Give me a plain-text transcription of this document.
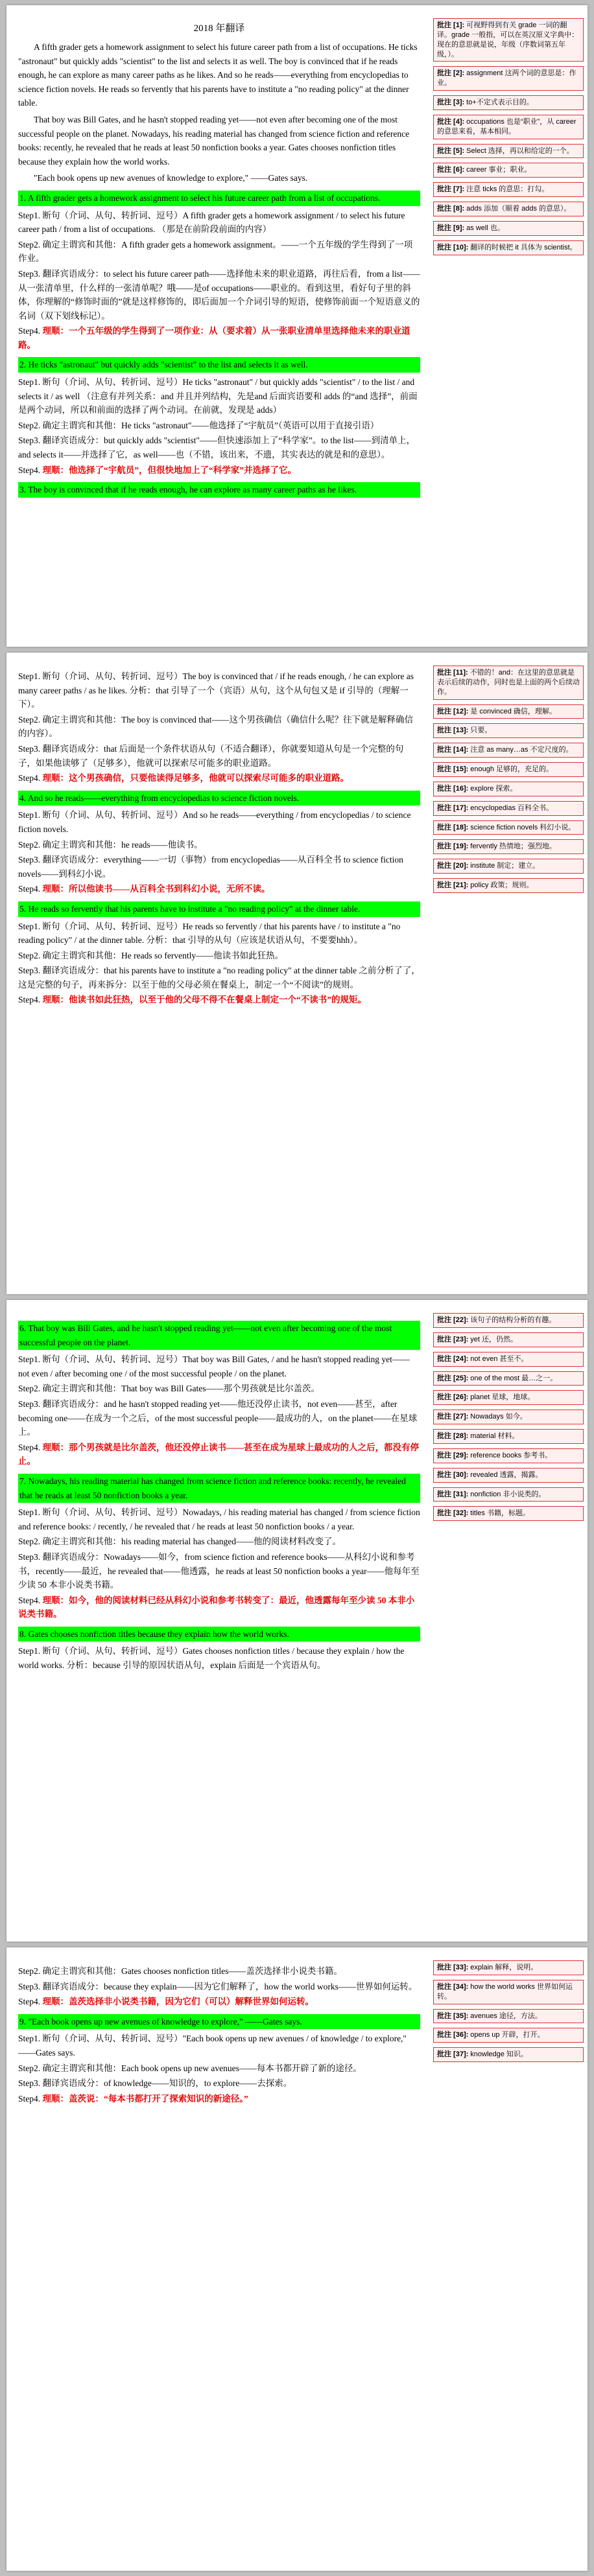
2018 年翻译

A fifth grader gets a homework assignment to select his future career path from a list of occupations. He ticks "astronaut" but quickly adds "scientist" to the list and selects it as well. The boy is convinced that if he reads enough, he can explore as many career paths as he likes. And so he reads——everything from encyclopedias to science fiction novels. He reads so fervently that his parents have to institute a "no reading policy" at the dinner table.

That boy was Bill Gates, and he hasn't stopped reading yet——not even after becoming one of the most successful people on the planet. Nowadays, his reading material has changed from science fiction and reference books: recently, he revealed that he reads at least 50 nonfiction books a year. Gates chooses nonfiction titles because they explain how the world works.

"Each book opens up new avenues of knowledge to explore," ——Gates says.

1. A fifth grader gets a homework assignment to select his future career path from a list of occupations.
Step1. 断句（介词、从句、转折词、逗号）A fifth grader gets a homework assignment / to select his future career path / from a list of occupations. （那是在前阶段前面的内容）
Step2. 确定主谓宾和其他：A fifth grader gets a homework assignment。——一个五年级的学生得到了一项作业。
Step3. 翻译宾语成分：to select his future career path——选择他未来的职业道路，再往后看，from a list——从一张清单里，什么样的一张清单呢？哦——是of occupations——职业的。看到这里，看好句子里的斜体，你理解的“修饰时面的”就是这样修饰的，即后面加一个介词引导的短语，使修饰前面一个短语意义的名词（双下划线标记）。
Step4. 理顺：一个五年级的学生得到了一项作业：从（要求着）从一张职业清单里选择他未来的职业道路。
2. He ticks "astronaut" but quickly adds "scientist" to the list and selects it as well.
Step1. 断句（介词、从句、转折词、逗号）He ticks "astronaut" / but quickly adds "scientist" / to the list / and selects it / as well （注意有并列关系：and 并且并列结构，先是and 后面宾语要和 adds 的“and 选择”，前面是两个动词，所以和前面的选择了两个动词。在前就，发现是 adds）
Step2. 确定主谓宾和其他：He ticks "astronaut"——他选择了“宇航员”（英语可以用于直接引语）
Step3. 翻译宾语成分：but quickly adds "scientist"——但快速添加上了“科学家”。to the list——到清单上，and selects it——并选择了它，as well——也（不错，该出来，不遗，其实表达的就是和的意思）。
Step4. 理顺：他选择了“宇航员”，但很快地加上了“科学家”并选择了它。
3. The boy is convinced that if he reads enough, he can explore as many career paths as he likes.
批注 [1]: 可视野得到有关 grade 一词的翻译。grade 一般指，可以在英汉原义字典中：现在的意思就是说，年级（序数词第五年级，）。
批注 [2]: assignment 这两个词的意思是：作业。
批注 [3]: to+不定式表示目的。
批注 [4]: occupations 也是“职业”，从 career 的意思来看，基本相同。
批注 [5]: Select 选择，再以和给定的一个。
批注 [6]: career 事业；职业。
批注 [7]: 注意 ticks 的意思：打勾。
批注 [8]: adds 添加（顺着 adds 的意思）。
批注 [9]: as well 也。
批注 [10]: 翻译的时候把 it 具体为 scientist。
Step1. 断句（介词、从句、转折词、逗号）The boy is convinced that / if he reads enough, / he can explore as many career paths / as he likes. 分析：that 引导了一个（宾语）从句，这个从句包又是 if 引导的（理解一下）。
Step2. 确定主谓宾和其他：The boy is convinced that——这个男孩确信（确信什么呢？往下就是解释确信的内容）。
Step3. 翻译宾语成分：that 后面是一个条件状语从句（不适合翻译），你就要知道从句是一个完整的句子，如果他读够了（足够多），他就可以探索尽可能多的职业道路。
Step4. 理顺：这个男孩确信，只要他读得足够多，他就可以探索尽可能多的职业道路。
4. And so he reads——everything from encyclopedias to science fiction novels.
Step1. 断句（介词、从句、转折词、逗号）And so he reads——everything / from encyclopedias / to science fiction novels.
Step2. 确定主谓宾和其他：he reads——他读书。
Step3. 翻译宾语成分：everything——一切（事物）from encyclopedias——从百科全书 to science fiction novels——到科幻小说。
Step4. 理顺：所以他读书——从百科全书到科幻小说，无所不读。
5. He reads so fervently that his parents have to institute a "no reading policy" at the dinner table.
Step1. 断句（介词、从句、转折词、逗号）He reads so fervently / that his parents have / to institute a "no reading policy" / at the dinner table. 分析：that 引导的从句（应该是状语从句，不要要hhh）。
Step2. 确定主谓宾和其他：He reads so fervently——他读书如此狂热。
Step3. 翻译宾语成分：that his parents have to institute a "no reading policy" at the dinner table 之前分析了了，这是完整的句子，再来拆分：以至于他的父母必须在餐桌上，制定一个“不阅读”的规则。
Step4. 理顺：他读书如此狂热，以至于他的父母不得不在餐桌上制定一个“不读书”的规矩。
批注 [11]: 不错的！and：在这里的意思就是表示后续的动作，同时也是上面的两个后续动作。
批注 [12]: 是 convinced 确信，理解。
批注 [13]: 只要。
批注 [14]: 注意 as many…as 不定尺度的。
批注 [15]: enough 足够的，充足的。
批注 [16]: explore 探索。
批注 [17]: encyclopedias 百科全书。
批注 [18]: science fiction novels 科幻小说。
批注 [19]: fervently 热情地；强烈地。
批注 [20]: institute 制定；建立。
批注 [21]: policy 政策；规则。
6. That boy was Bill Gates, and he hasn't stopped reading yet——not even after becoming one of the most successful people on the planet.
Step1. 断句（介词、从句、转折词、逗号）That boy was Bill Gates, / and he hasn't stopped reading yet——not even / after becoming one / of the most successful people / on the planet.
Step2. 确定主谓宾和其他：That boy was Bill Gates——那个男孩就是比尔盖茨。
Step3. 翻译宾语成分：and he hasn't stopped reading yet——他还没停止读书，not even——甚至，after becoming one——在成为一个之后，of the most successful people——最成功的人，on the planet——在星球上。
Step4. 理顺：那个男孩就是比尔盖茨，他还没停止读书——甚至在成为星球上最成功的人之后，都没有停止。
7. Nowadays, his reading material has changed from science fiction and reference books: recently, he revealed that he reads at least 50 nonfiction books a year.
Step1. 断句（介词、从句、转折词、逗号）Nowadays, / his reading material has changed / from science fiction and reference books: / recently, / he revealed that / he reads at least 50 nonfiction books / a year.
Step2. 确定主谓宾和其他：his reading material has changed——他的阅读材料改变了。
Step3. 翻译宾语成分：Nowadays——如今，from science fiction and reference books——从科幻小说和参考书，recently——最近，he revealed that——他透露，he reads at least 50 nonfiction books a year——他每年至少读 50 本非小说类书籍。
Step4. 理顺：如今，他的阅读材料已经从科幻小说和参考书转变了：最近，他透露每年至少读 50 本非小说类书籍。
8. Gates chooses nonfiction titles because they explain how the world works.
Step1. 断句（介词、从句、转折词、逗号）Gates chooses nonfiction titles / because they explain / how the world works. 分析：because 引导的原因状语从句，explain 后面是一个宾语从句。
批注 [22]: 该句子的结构分析的有趣。
批注 [23]: yet 还，仍然。
批注 [24]: not even 甚至不。
批注 [25]: one of the most 最…之一。
批注 [26]: planet 星球，地球。
批注 [27]: Nowadays 如今。
批注 [28]: material 材料。
批注 [29]: reference books 参考书。
批注 [30]: revealed 透露，揭露。
批注 [31]: nonfiction 非小说类的。
批注 [32]: titles 书籍，标题。
Step2. 确定主谓宾和其他：Gates chooses nonfiction titles——盖茨选择非小说类书籍。
Step3. 翻译宾语成分：because they explain——因为它们解释了，how the world works——世界如何运转。
Step4. 理顺：盖茨选择非小说类书籍，因为它们（可以）解释世界如何运转。
9. "Each book opens up new avenues of knowledge to explore," ——Gates says.
Step1. 断句（介词、从句、转折词、逗号）"Each book opens up new avenues / of knowledge / to explore," ——Gates says.
Step2. 确定主谓宾和其他：Each book opens up new avenues——每本书都开辟了新的途径。
Step3. 翻译宾语成分：of knowledge——知识的，to explore——去探索。
Step4. 理顺：盖茨说：“每本书都打开了探索知识的新途径。”
批注 [33]: explain 解释，说明。
批注 [34]: how the world works 世界如何运转。
批注 [35]: avenues 途径，方法。
批注 [36]: opens up 开辟，打开。
批注 [37]: knowledge 知识。
